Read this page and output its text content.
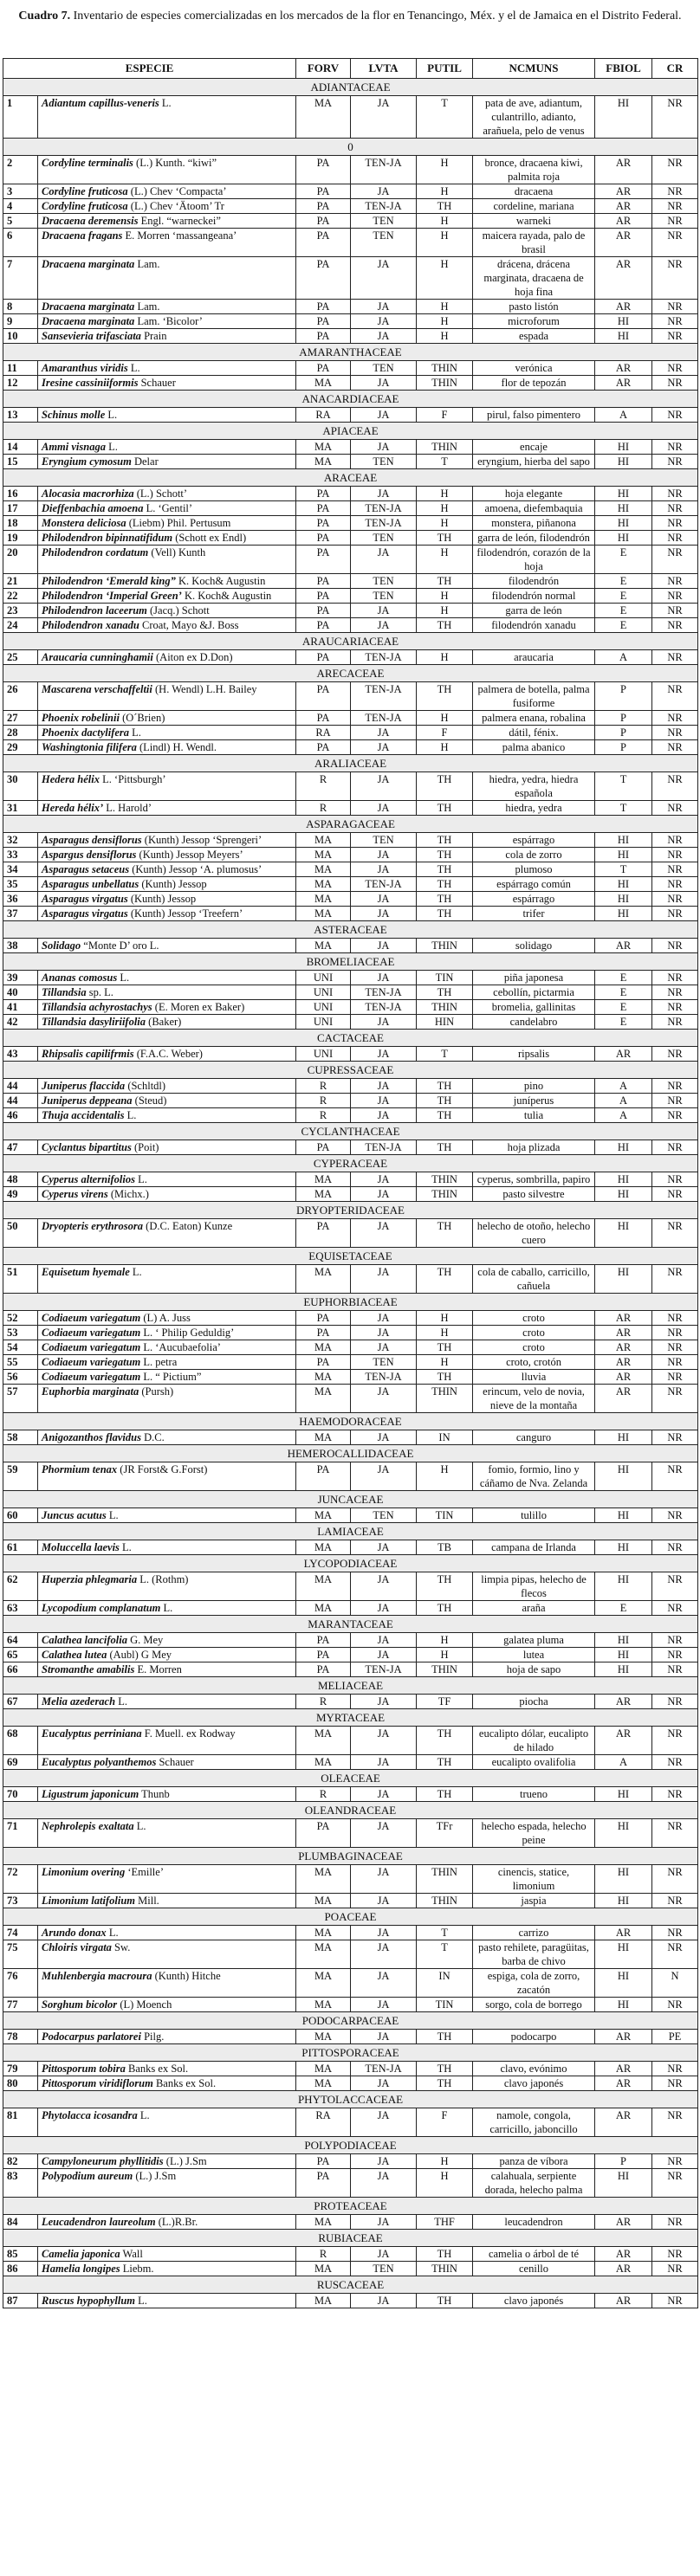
Cuadro 7. Inventario de especies comercializadas en los mercados de la flor en Tenancingo, Méx. y el de Jamaica en el Distrito Federal.
ESPECIE		FORV	LVTA	PUTIL	NCMUNS	FBIOL	CR
ADIANTACEAE							
1	Adiantum capillus-veneris L.	MA	JA	T	pata de ave, adiantum, culantrillo, adianto, arañuela, pelo de venus	HI	NR
0							
2	Cordyline terminalis (L.) Kunth. “kiwi”	PA	TEN-JA	H	bronce, dracaena kiwi, palmita roja	AR	NR
3	Cordyline fruticosa (L.) Chev ‘Compacta’	PA	JA	H	dracaena	AR	NR
4	Cordyline fruticosa (L.) Chev ‘Ätoom’ Tr	PA	TEN-JA	TH	cordeline, mariana	AR	NR
5	Dracaena deremensis Engl. “warneckei”	PA	TEN	H	warneki	AR	NR
6	Dracaena fragans E. Morren ‘massangeana’	PA	TEN	H	maicera rayada, palo de brasil	AR	NR
7	Dracaena marginata Lam.	PA	JA	H	drácena, drácena marginata, dracaena de hoja fina	AR	NR
8	Dracaena marginata Lam.	PA	JA	H	pasto listón	AR	NR
9	Dracaena marginata Lam. ‘Bicolor’	PA	JA	H	microforum	HI	NR
10	Sansevieria trifasciata Prain	PA	JA	H	espada	HI	NR
AMARANTHACEAE							
11	Amaranthus viridis L.	PA	TEN	THIN	verónica	AR	NR
12	Iresine cassiniiformis Schauer	MA	JA	THIN	flor de tepozán	AR	NR
ANACARDIACEAE							
13	Schinus molle L.	RA	JA	F	pirul, falso pimentero	A	NR
APIACEAE							
14	Ammi visnaga L.	MA	JA	THIN	encaje	HI	NR
15	Eryngium cymosum Delar	MA	TEN	T	eryngium, hierba del sapo	HI	NR
ARACEAE							
16	Alocasia macrorhiza (L.) Schott’	PA	JA	H	hoja elegante	HI	NR
17	Dieffenbachia amoena L. ‘Gentil’	PA	TEN-JA	H	amoena, diefembaquia	HI	NR
18	Monstera deliciosa (Liebm) Phil. Pertusum	PA	TEN-JA	H	monstera, piñanona	HI	NR
19	Philodendron bipinnatifidum (Schott ex Endl)	PA	TEN	TH	garra de león, filodendrón	HI	NR
20	Philodendron cordatum (Vell) Kunth	PA	JA	H	filodendrón, corazón de la hoja	E	NR
21	Philodendron ‘Emerald king” K. Koch& Augustin	PA	TEN	TH	filodendrón	E	NR
22	Philodendron ‘Imperial Green’ K. Koch& Augustin	PA	TEN	H	filodendrón normal	E	NR
23	Philodendron laceerum (Jacq.) Schott	PA	JA	H	garra de león	E	NR
24	Philodendron xanadu Croat, Mayo &J. Boss	PA	JA	TH	filodendrón xanadu	E	NR
ARAUCARIACEAE							
25	Araucaria cunninghamii (Aiton ex D.Don)	PA	TEN-JA	H	araucaria	A	NR
ARECACEAE							
26	Mascarena verschaffeltii (H. Wendl) L.H. Bailey	PA	TEN-JA	TH	palmera de botella, palma fusiforme	P	NR
27	Phoenix robelinii (O´Brien)	PA	TEN-JA	H	palmera enana, robalina	P	NR
28	Phoenix dactylifera L.	RA	JA	F	dátil, fénix.	P	NR
29	Washingtonia filifera (Lindl) H. Wendl.	PA	JA	H	palma abanico	P	NR
ARALIACEAE							
30	Hedera hélix L. ‘Pittsburgh’	R	JA	TH	hiedra, yedra, hiedra española	T	NR
31	Hereda hélix’ L. Harold’	R	JA	TH	hiedra, yedra	T	NR
ASPARAGACEAE							
32	Asparagus densiflorus (Kunth) Jessop ‘Sprengeri’	MA	TEN	TH	espárrago	HI	NR
33	Aspargus densiflorus (Kunth) Jessop Meyers’	MA	JA	TH	cola de zorro	HI	NR
34	Asparagus setaceus (Kunth) Jessop ‘A. plumosus’	MA	JA	TH	plumoso	T	NR
35	Asparagus unbellatus (Kunth) Jessop	MA	TEN-JA	TH	espárrago común	HI	NR
36	Asparagus virgatus (Kunth) Jessop	MA	JA	TH	espárrago	HI	NR
37	Asparagus virgatus (Kunth) Jessop ‘Treefern’	MA	JA	TH	trifer	HI	NR
ASTERACEAE							
38	Solidago “Monte D’ oro L.	MA	JA	THIN	solidago	AR	NR
BROMELIACEAE							
39	Ananas comosus L.	UNI	JA	TIN	piña japonesa	E	NR
40	Tillandsia sp. L.	UNI	TEN-JA	TH	cebollín, pictarmia	E	NR
41	Tillandsia achyrostachys (E. Moren ex Baker)	UNI	TEN-JA	THIN	bromelia, gallinitas	E	NR
42	Tillandsia dasyliriifolia (Baker)	UNI	JA	HIN	candelabro	E	NR
CACTACEAE							
43	Rhipsalis capilifrmis (F.A.C. Weber)	UNI	JA	T	ripsalis	AR	NR
CUPRESSACEAE							
44	Juniperus flaccida (Schltdl)	R	JA	TH	pino	A	NR
44	Juniperus deppeana (Steud)	R	JA	TH	juníperus	A	NR
46	Thuja accidentalis L.	R	JA	TH	tulia	A	NR
CYCLANTHACEAE							
47	Cyclantus bipartitus (Poit)	PA	TEN-JA	TH	hoja plizada	HI	NR
CYPERACEAE							
48	Cyperus alternifolios L.	MA	JA	THIN	cyperus, sombrilla, papiro	HI	NR
49	Cyperus virens (Michx.)	MA	JA	THIN	pasto silvestre	HI	NR
DRYOPTERIDACEAE							
50	Dryopteris erythrosora (D.C. Eaton) Kunze	PA	JA	TH	helecho de otoño, helecho cuero	HI	NR
EQUISETACEAE							
51	Equisetum hyemale L.	MA	JA	TH	cola de caballo, carricillo, cañuela	HI	NR
EUPHORBIACEAE							
52	Codiaeum variegatum (L) A. Juss	PA	JA	H	croto	AR	NR
53	Codiaeum variegatum L. ‘ Philip Geduldig’	PA	JA	H	croto	AR	NR
54	Codiaeum variegatum L. ‘Aucubaefolia’	MA	JA	TH	croto	AR	NR
55	Codiaeum variegatum L. petra	PA	TEN	H	croto, crotón	AR	NR
56	Codiaeum variegatum L. “ Pictium”	MA	TEN-JA	TH	lluvia	AR	NR
57	Euphorbia marginata (Pursh)	MA	JA	THIN	erincum, velo de novia, nieve de la montaña	AR	NR
HAEMODORACEAE							
58	Anigozanthos flavidus D.C.	MA	JA	IN	canguro	HI	NR
HEMEROCALLIDACEAE							
59	Phormium tenax (JR Forst& G.Forst)	PA	JA	H	fomio, formio, lino y cáñamo de Nva. Zelanda	HI	NR
JUNCACEAE							
60	Juncus acutus L.	MA	TEN	TIN	tulillo	HI	NR
LAMIACEAE							
61	Moluccella laevis L.	MA	JA	TB	campana de Irlanda	HI	NR
LYCOPODIACEAE							
62	Huperzia phlegmaria L. (Rothm)	MA	JA	TH	limpia pipas, helecho de flecos	HI	NR
63	Lycopodium complanatum L.	MA	JA	TH	araña	E	NR
MARANTACEAE							
64	Calathea lancifolia G. Mey	PA	JA	H	galatea pluma	HI	NR
65	Calathea lutea (Aubl) G Mey	PA	JA	H	lutea	HI	NR
66	Stromanthe amabilis E. Morren	PA	TEN-JA	THIN	hoja de sapo	HI	NR
MELIACEAE							
67	Melia azederach L.	R	JA	TF	piocha	AR	NR
MYRTACEAE							
68	Eucalyptus perriniana F. Muell. ex Rodway	MA	JA	TH	eucalipto dólar, eucalipto de hilado	AR	NR
69	Eucalyptus polyanthemos Schauer	MA	JA	TH	eucalipto ovalifolia	A	NR
OLEACEAE							
70	Ligustrum japonicum Thunb	R	JA	TH	trueno	HI	NR
OLEANDRACEAE							
71	Nephrolepis exaltata L.	PA	JA	TFr	helecho espada, helecho peine	HI	NR
PLUMBAGINACEAE							
72	Limonium overing ‘Emille’	MA	JA	THIN	cinencis, statice, limonium	HI	NR
73	Limonium latifolium Mill.	MA	JA	THIN	jaspia	HI	NR
POACEAE							
74	Arundo donax L.	MA	JA	T	carrizo	AR	NR
75	Chloiris virgata Sw.	MA	JA	T	pasto rehilete, paragüitas, barba de chivo	HI	NR
76	Muhlenbergia macroura (Kunth) Hitche	MA	JA	IN	espiga, cola de zorro, zacatón	HI	N
77	Sorghum bicolor (L) Moench	MA	JA	TIN	sorgo, cola de borrego	HI	NR
PODOCARPACEAE							
78	Podocarpus parlatorei Pilg.	MA	JA	TH	podocarpo	AR	PE
PITTOSPORACEAE							
79	Pittosporum tobira Banks ex Sol.	MA	TEN-JA	TH	clavo, evónimo	AR	NR
80	Pittosporum viridiflorum Banks ex Sol.	MA	JA	TH	clavo japonés	AR	NR
PHYTOLACCACEAE							
81	Phytolacca icosandra L.	RA	JA	F	namole, congola, carricillo, jaboncillo	AR	NR
POLYPODIACEAE							
82	Campyloneurum phyllitidis (L.) J.Sm	PA	JA	H	panza de víbora	P	NR
83	Polypodium aureum (L.) J.Sm	PA	JA	H	calahuala, serpiente dorada, helecho palma	HI	NR
PROTEACEAE							
84	Leucadendron laureolum (L.)R.Br.	MA	JA	THF	leucadendron	AR	NR
RUBIACEAE							
85	Camelia japonica Wall	R	JA	TH	camelia o árbol de té	AR	NR
86	Hamelia longipes Liebm.	MA	TEN	THIN	cenillo	AR	NR
RUSCACEAE							
87	Ruscus hypophyllum L.	MA	JA	TH	clavo japonés	AR	NR
